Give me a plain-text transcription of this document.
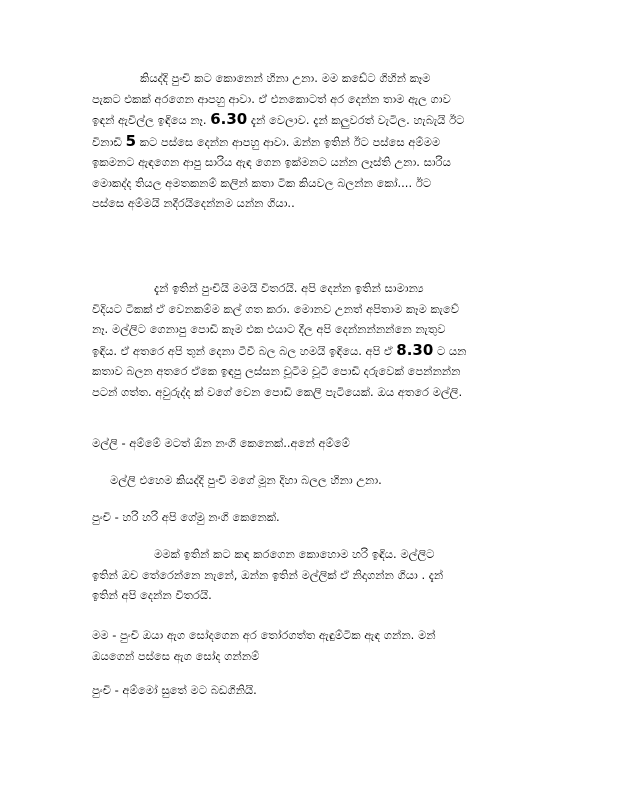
කියද්දි පුංචි කට කොනෙන් හිනා උනා. මම කඩේට ගිහින් කෑම

පැකට එකක් අරගෙන ආපහු ආවා. ඒ එනකොටත් අර දෙන්න තාම ඇල ගාව

ඉඳන් ඇවිල්ල ඉඳියෙ නෑ. 6.30 දැන් වෙලාව. දැන් කලුවරත් වැටිල. හැබැයි ඊට

විනාඩි 5 කට පස්සෙ දෙන්න ආපහු ආවා. ඔන්න ඉතින් ඊට පස්සෙ අම්මම

ඉකමනට ඇඳගෙන ආපු සාරිය ඇඳ ගෙන ඉක්මනට යන්න ලෑස්ති උනා. සාරිය

මොකද්ද තියල අමතකනම් කලින් කතා ටික කියවල බලන්න කෝ.... ඊට

පස්සෙ අම්මයි නදීරයිදෙන්නම යන්න ගියා..

දැන් ඉතින් පුංචියි මමයි විතරයි. අපි දෙන්න ඉතින් සාමාන්‍ය

විදියට ටිකක් ඒ වෙනකම්ම කල් ගත කරා. මොනව උනත් අපිතාම කෑම කැවේ

නෑ. මල්ලිට ගෙනාපු පොඩි කෑම එක එයාට දීල අපි දෙන්නන්නන්නෙ නැතුව

ඉඳිය. ඒ අතරෙ අපි තුන් දෙනා ටීවී බල බල හමයි ඉඳියෙ. අපි ඒ 8.30 ට යන

කතාව බලන අතරෙ ඒකෙ ඉඳපු ලස්සන චූටිම චූටි පොඩි දරුවෙක් පෙන්නන්න

පටන් ගත්ත. අවුරුද්ද ක් වගේ වෙන පොඩි කෙලි පැටියෙක්. ඔය අතරෙ මල්ලි.

මල්ලි - අම්මේ මටත් ඕන නංගි කෙනෙක්..අනේ අම්මේ

මල්ලි එහෙම කියද්දි පුංචි මගේ මූන දිහා බලල හිනා උනා.

පුංචි - හරි හරි අපි ගේමු නංගි කෙනෙක්.

මමක් ඉතින් කට කඳ කරගෙන කොහොම හරි ඉඳිය. මල්ලිට

ඉතින් ඔච තේරෙන්නෙ නැනේ, ඔන්න ඉතින් මල්ලික් ඒ නිදාගන්න ගියා . දැන්

ඉතින් අපි දෙන්න විතරයි.

මම - පුංචි ඔයා ඇග සෝදගෙන අර තෝරගත්ත ඇඳුම්ටික ඇඳ ගන්න. මන්

ඔයගෙන් පස්සෙ ඇග සෝද ගන්නම්

පුංචි - අම්මෝ සුතේ මට බඩගිනියි.
